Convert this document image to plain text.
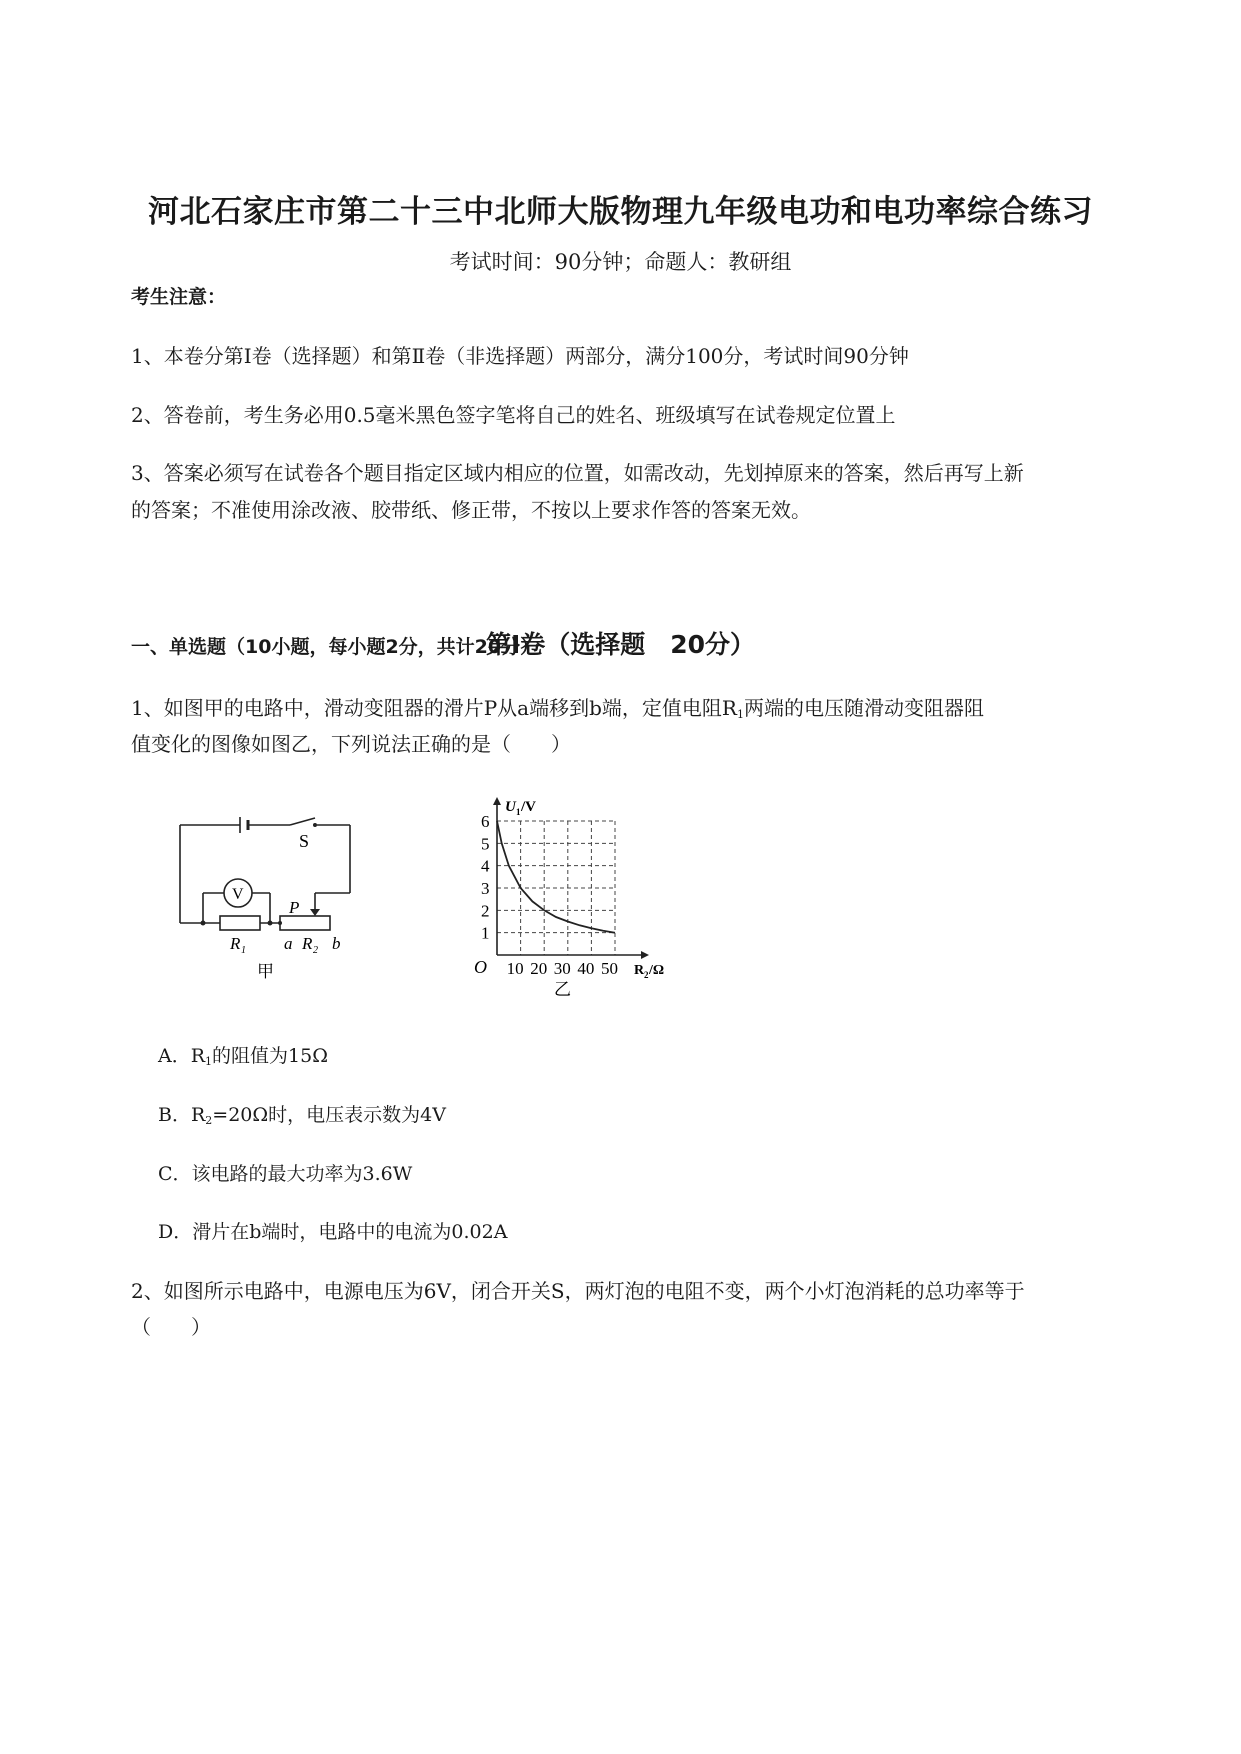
河北石家庄市第二十三中北师大版物理九年级电功和电功率综合练习
考试时间：90分钟；命题人：教研组
考生注意：
1、本卷分第Ⅰ卷（选择题）和第Ⅱ卷（非选择题）两部分，满分100分，考试时间90分钟
2、答卷前，考生务必用0.5毫米黑色签字笔将自己的姓名、班级填写在试卷规定位置上
3、答案必须写在试卷各个题目指定区域内相应的位置，如需改动，先划掉原来的答案，然后再写上新
的答案；不准使用涂改液、胶带纸、修正带，不按以上要求作答的答案无效。
第Ⅰ卷（选择题　20分）
一、单选题（10小题，每小题2分，共计20分）
1、如图甲的电路中，滑动变阻器的滑片P从a端移到b端，定值电阻$R_1$两端的电压随滑动变阻器阻
值变化的图像如图乙，下列说法正确的是（　　）
S
V
P
R 1 a R 2 b
甲
1
2
3
4
5
6
10 20 30 40 50
U 1 /V
R 2 /Ω
O
乙
A．$R_1$的阻值为15Ω
B．$R_2=20\Omega$时，电压表示数为4V
C．该电路的最大功率为3.6W
D．滑片在b端时，电路中的电流为0.02A
2、如图所示电路中，电源电压为6V，闭合开关S，两灯泡的电阻不变，两个小灯泡消耗的总功率等于
（　　）
